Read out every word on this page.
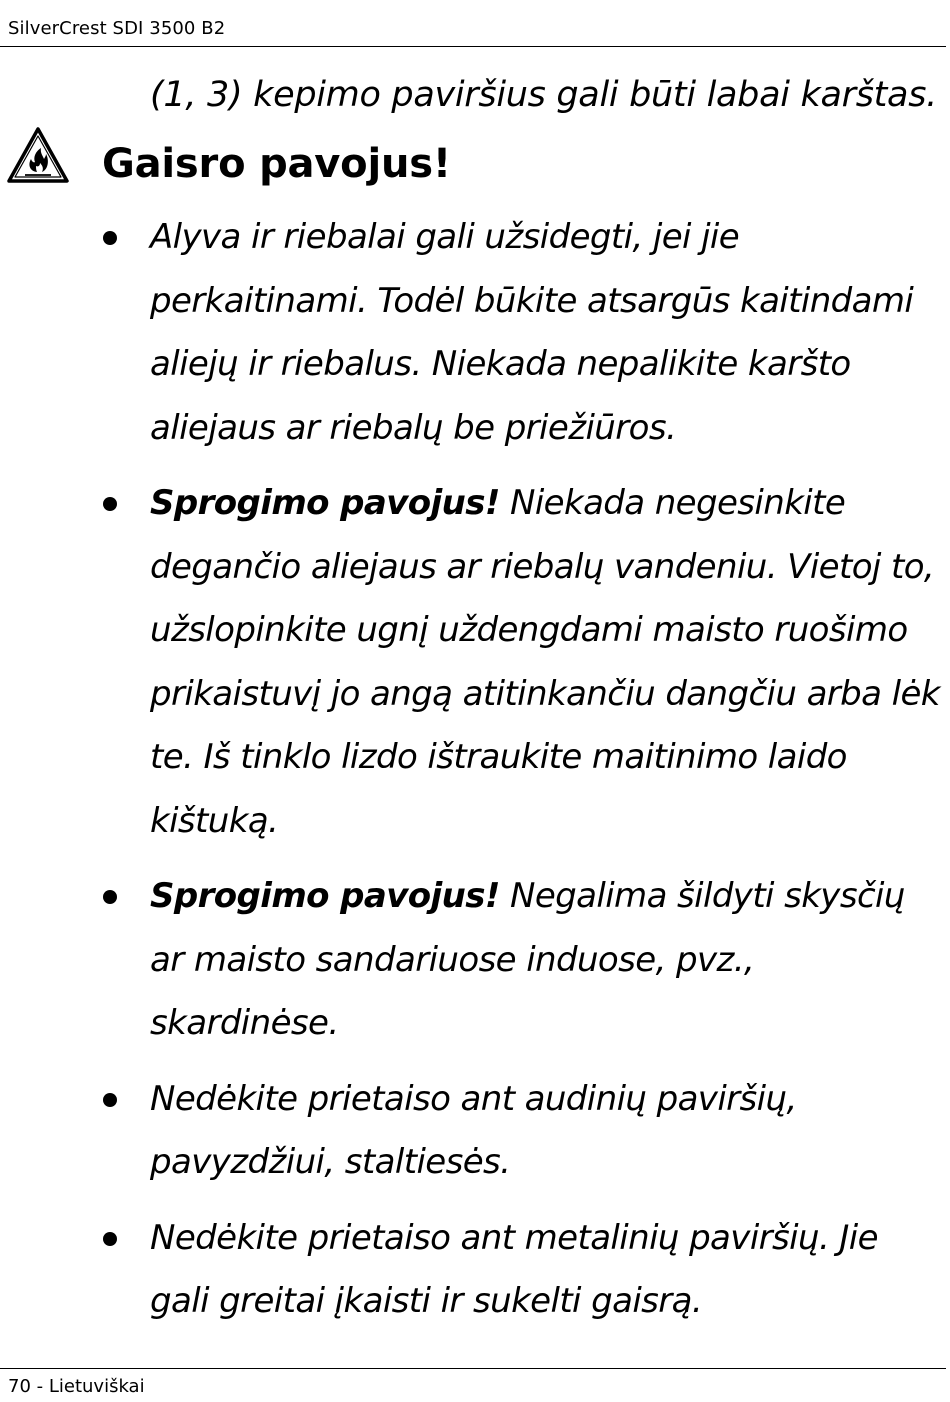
SilverCrest SDI 3500 B2
(1, 3) kepimo paviršius gali būti labai karštas.
Gaisro pavojus!
Alyva ir riebalai gali užsidegti, jei jie perkaitinami. Todėl būkite atsargūs kaitindami aliejų ir riebalus. Niekada nepalikite karšto aliejaus ar riebalų be priežiūros.
Sprogimo pavojus! Niekada negesinkite degančio aliejaus ar riebalų vandeniu. Vietoj to, užslopinkite ugnį uždengdami maisto ruošimo prikaistuvį jo angą atitinkančiu dangčiu arba lėk te. Iš tinklo lizdo ištraukite maitinimo laido kištuką.
Sprogimo pavojus! Negalima šildyti skysčių ar maisto sandariuose induose, pvz., skardinėse.
Nedėkite prietaiso ant audinių paviršių, pavyzdžiui, staltiesės.
Nedėkite prietaiso ant metalinių paviršių. Jie gali greitai įkaisti ir sukelti gaisrą.
70 - Lietuviškai
